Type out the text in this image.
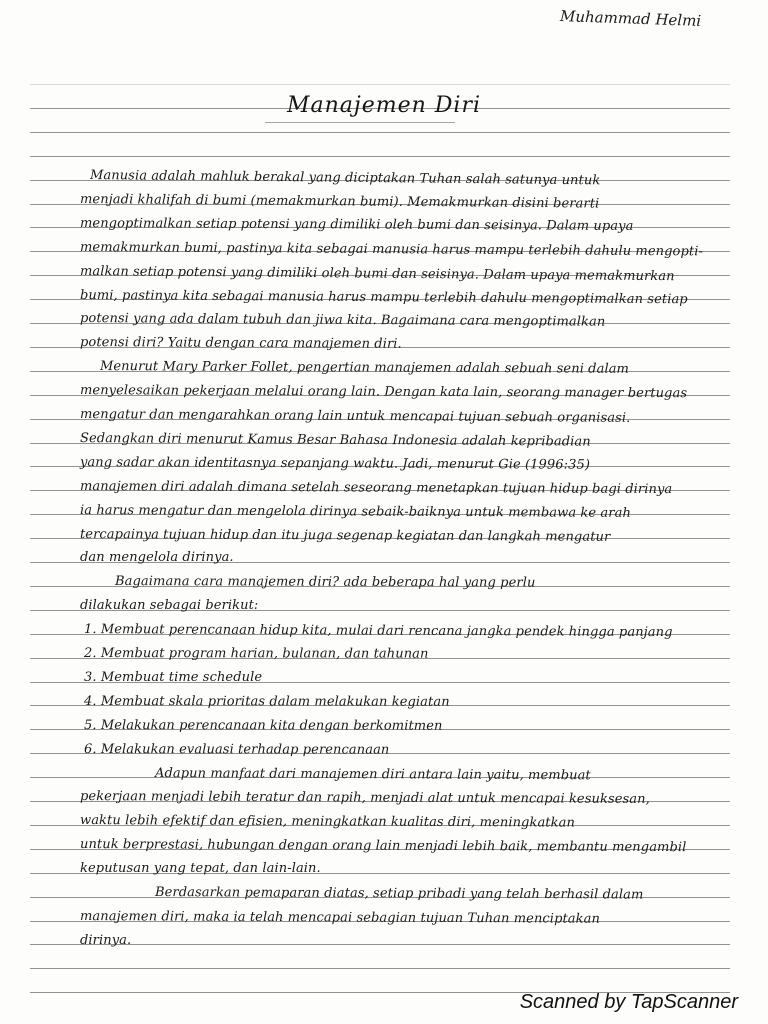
Muhammad Helmi
Manajemen Diri
Manusia adalah mahluk berakal yang diciptakan Tuhan salah satunya untuk
menjadi khalifah di bumi (memakmurkan bumi). Memakmurkan disini berarti
mengoptimalkan setiap potensi yang dimiliki oleh bumi dan seisinya. Dalam upaya
memakmurkan bumi, pastinya kita sebagai manusia harus mampu terlebih dahulu mengopti-
malkan setiap potensi yang dimiliki oleh bumi dan seisinya. Dalam upaya memakmurkan
bumi, pastinya kita sebagai manusia harus mampu terlebih dahulu mengoptimalkan setiap
potensi yang ada dalam tubuh dan jiwa kita. Bagaimana cara mengoptimalkan
potensi diri? Yaitu dengan cara manajemen diri.
Menurut Mary Parker Follet, pengertian manajemen adalah sebuah seni dalam
menyelesaikan pekerjaan melalui orang lain. Dengan kata lain, seorang manager bertugas
mengatur dan mengarahkan orang lain untuk mencapai tujuan sebuah organisasi.
Sedangkan diri menurut Kamus Besar Bahasa Indonesia adalah kepribadian
yang sadar akan identitasnya sepanjang waktu. Jadi, menurut Gie (1996:35)
manajemen diri adalah dimana setelah seseorang menetapkan tujuan hidup bagi dirinya
ia harus mengatur dan mengelola dirinya sebaik-baiknya untuk membawa ke arah
tercapainya tujuan hidup dan itu juga segenap kegiatan dan langkah mengatur
dan mengelola dirinya.
Bagaimana cara manajemen diri? ada beberapa hal yang perlu
dilakukan sebagai berikut:
1. Membuat perencanaan hidup kita, mulai dari rencana jangka pendek hingga panjang
2. Membuat program harian, bulanan, dan tahunan
3. Membuat time schedule
4. Membuat skala prioritas dalam melakukan kegiatan
5. Melakukan perencanaan kita dengan berkomitmen
6. Melakukan evaluasi terhadap perencanaan
Adapun manfaat dari manajemen diri antara lain yaitu, membuat
pekerjaan menjadi lebih teratur dan rapih, menjadi alat untuk mencapai kesuksesan,
waktu lebih efektif dan efisien, meningkatkan kualitas diri, meningkatkan
untuk berprestasi, hubungan dengan orang lain menjadi lebih baik, membantu mengambil
keputusan yang tepat, dan lain-lain.
Berdasarkan pemaparan diatas, setiap pribadi yang telah berhasil dalam
manajemen diri, maka ia telah mencapai sebagian tujuan Tuhan menciptakan
dirinya.
Scanned by TapScanner
